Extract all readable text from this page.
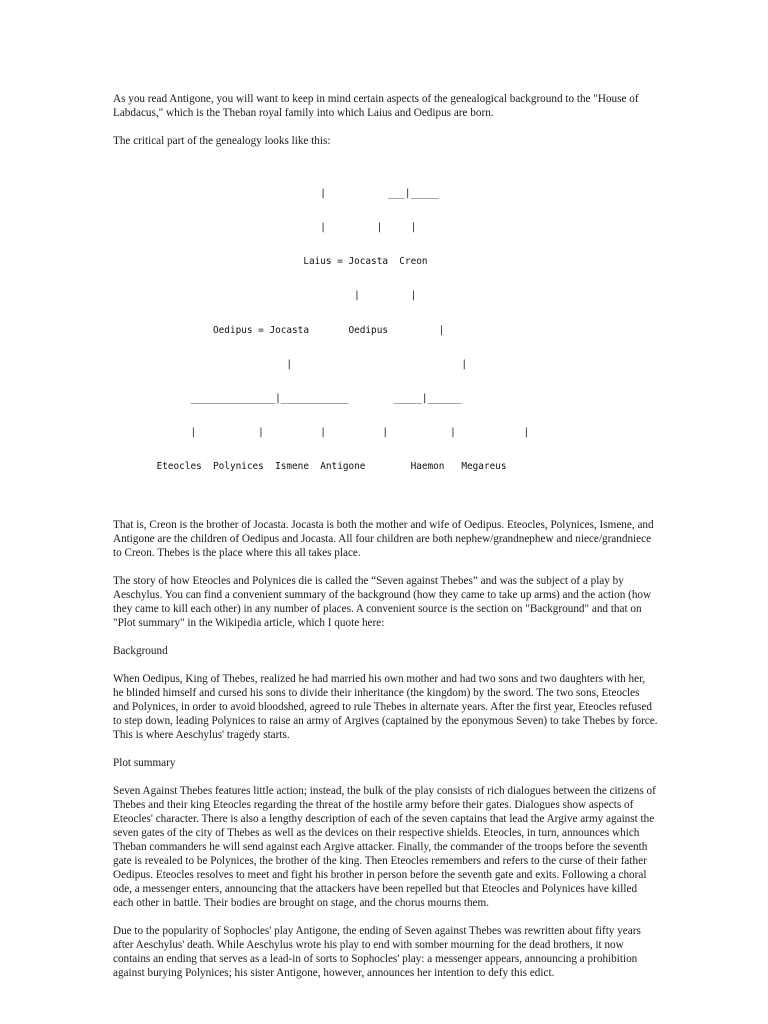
As you read Antigone, you will want to keep in mind certain aspects of the genealogical background to the "House of Labdacus," which is the Theban royal family into which Laius and Oedipus are born.

The critical part of the genealogy looks like this:

|           ___|_____

|         |     |

Laius = Jocasta  Creon

|         |

Oedipus = Jocasta       Oedipus         |

|                              |

_______________|____________        _____|______

|           |          |          |           |            |

Eteocles  Polynices  Ismene  Antigone        Haemon   Megareus

That is, Creon is the brother of Jocasta. Jocasta is both the mother and wife of Oedipus. Eteocles, Polynices, Ismene, and Antigone are the children of Oedipus and Jocasta. All four children are both nephew/grandnephew and niece/grandniece to Creon. Thebes is the place where this all takes place.

The story of how Eteocles and Polynices die is called the “Seven against Thebes” and was the subject of a play by Aeschylus. You can find a convenient summary of the background (how they came to take up arms) and the action (how they came to kill each other) in any number of places. A convenient source is the section on "Background" and that on "Plot summary" in the Wikipedia article, which I quote here:

Background

When Oedipus, King of Thebes, realized he had married his own mother and had two sons and two daughters with her, he blinded himself and cursed his sons to divide their inheritance (the kingdom) by the sword. The two sons, Eteocles and Polynices, in order to avoid bloodshed, agreed to rule Thebes in alternate years. After the first year, Eteocles refused to step down, leading Polynices to raise an army of Argives (captained by the eponymous Seven) to take Thebes by force. This is where Aeschylus' tragedy starts.

Plot summary

Seven Against Thebes features little action; instead, the bulk of the play consists of rich dialogues between the citizens of Thebes and their king Eteocles regarding the threat of the hostile army before their gates. Dialogues show aspects of Eteocles' character. There is also a lengthy description of each of the seven captains that lead the Argive army against the seven gates of the city of Thebes as well as the devices on their respective shields. Eteocles, in turn, announces which Theban commanders he will send against each Argive attacker. Finally, the commander of the troops before the seventh gate is revealed to be Polynices, the brother of the king. Then Eteocles remembers and refers to the curse of their father Oedipus. Eteocles resolves to meet and fight his brother in person before the seventh gate and exits. Following a choral ode, a messenger enters, announcing that the attackers have been repelled but that Eteocles and Polynices have killed each other in battle. Their bodies are brought on stage, and the chorus mourns them.

Due to the popularity of Sophocles' play Antigone, the ending of Seven against Thebes was rewritten about fifty years after Aeschylus' death. While Aeschylus wrote his play to end with somber mourning for the dead brothers, it now contains an ending that serves as a lead-in of sorts to Sophocles' play: a messenger appears, announcing a prohibition against burying Polynices; his sister Antigone, however, announces her intention to defy this edict.
